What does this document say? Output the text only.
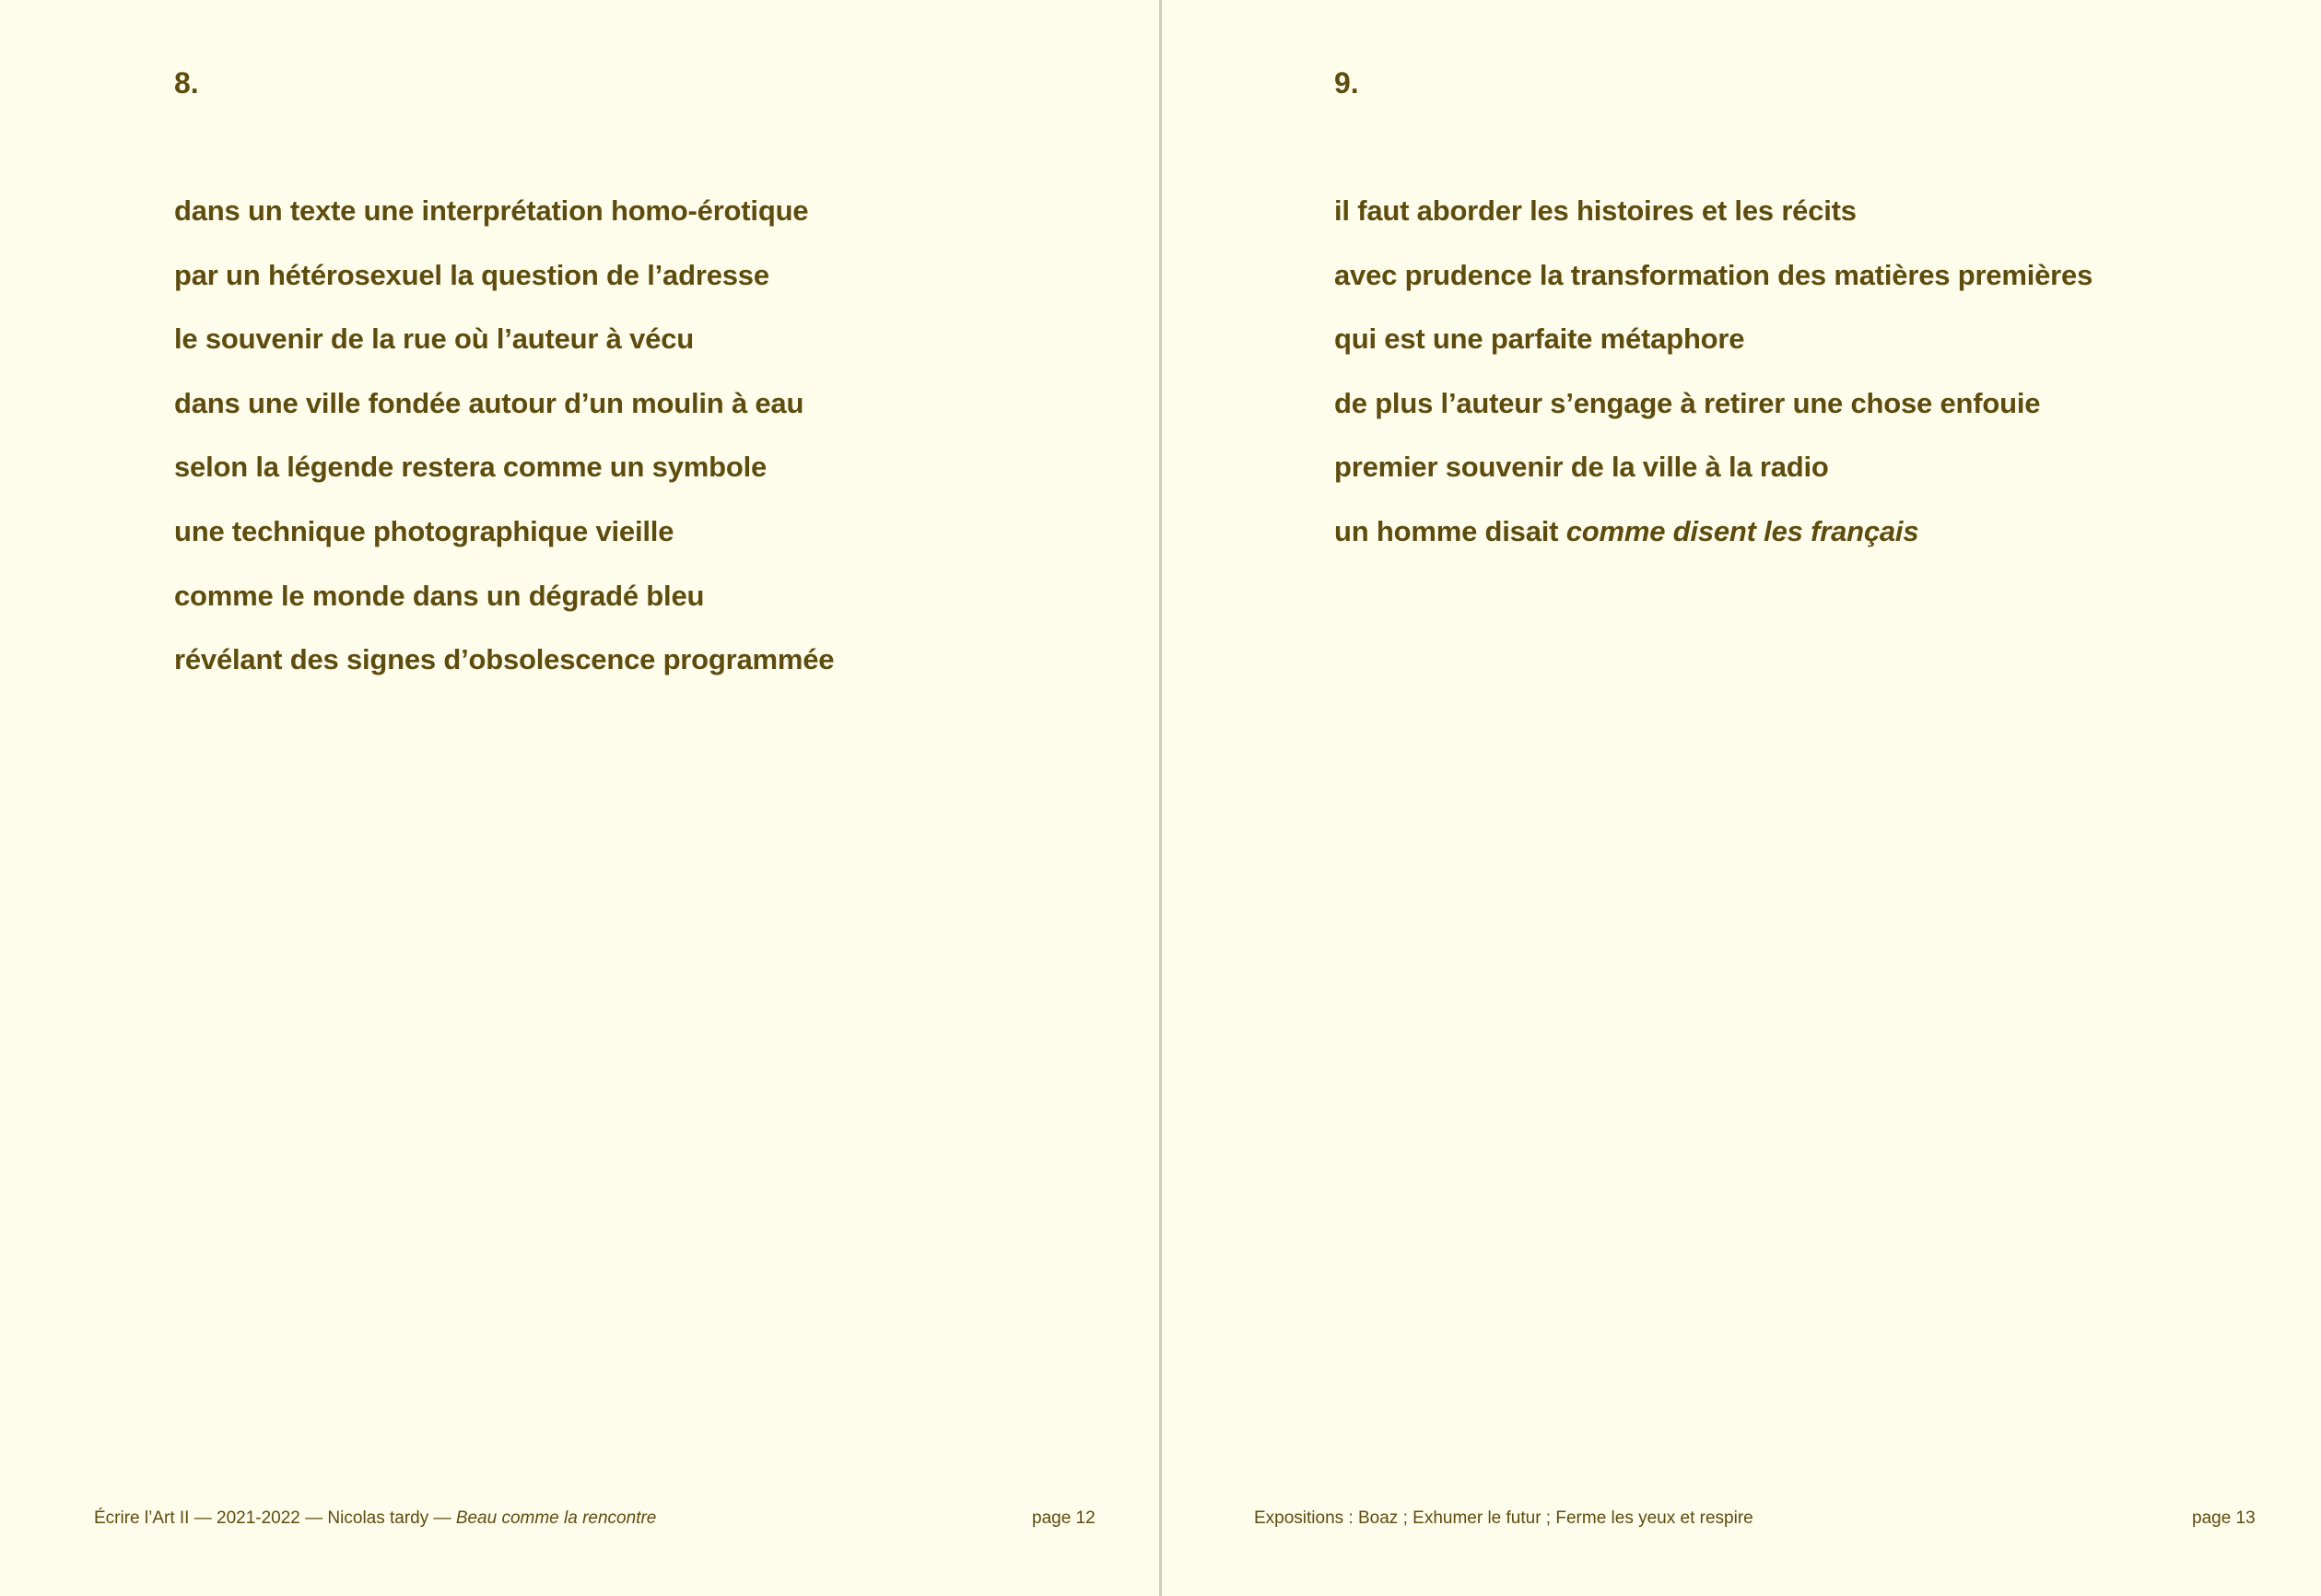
8.
dans un texte une interprétation homo-érotique
par un hétérosexuel la question de l’adresse
le souvenir de la rue où l’auteur à vécu
dans une ville fondée autour d’un moulin à eau
selon la légende restera comme un symbole
une technique photographique vieille
comme le monde dans un dégradé bleu
révélant des signes d’obsolescence programmée
Écrire l’Art II — 2021-2022 — Nicolas tardy — Beau comme la rencontre	page 12
9.
il faut aborder les histoires et les récits
avec prudence la transformation des matières premières
qui est une parfaite métaphore
de plus l’auteur s’engage à retirer une chose enfouie
premier souvenir de la ville à la radio
un homme disait comme disent les français
Expositions : Boaz ; Exhumer le futur ; Ferme les yeux et respire	page 13
